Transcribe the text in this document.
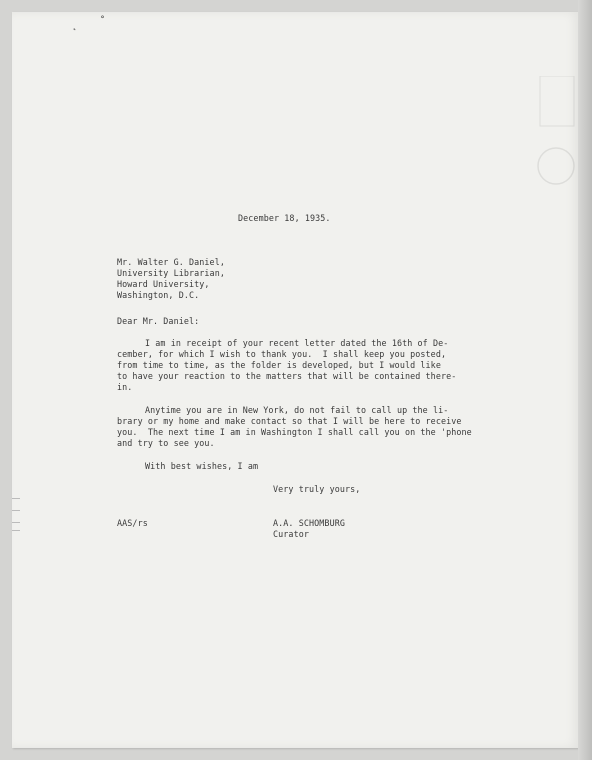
˛ ˚
December 18, 1935.
Mr. Walter G. Daniel,
University Librarian,
Howard University,
Washington, D.C.
Dear Mr. Daniel:
I am in receipt of your recent letter dated the 16th of De-
cember, for which I wish to thank you.  I shall keep you posted,
from time to time, as the folder is developed, but I would like
to have your reaction to the matters that will be contained there-
in.
Anytime you are in New York, do not fail to call up the li-
brary or my home and make contact so that I will be here to receive
you.  The next time I am in Washington I shall call you on the 'phone
and try to see you.
With best wishes, I am
Very truly yours,
AAS/rs	A.A. SCHOMBURG
Curator
